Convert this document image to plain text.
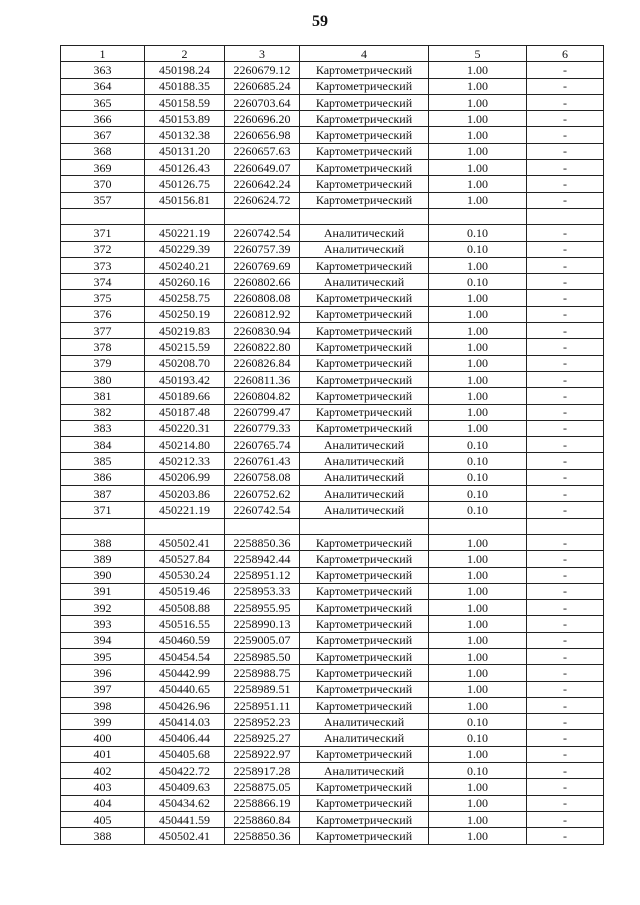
59
1	2	3	4	5	6
363	450198.24	2260679.12	Картометрический	1.00	-
364	450188.35	2260685.24	Картометрический	1.00	-
365	450158.59	2260703.64	Картометрический	1.00	-
366	450153.89	2260696.20	Картометрический	1.00	-
367	450132.38	2260656.98	Картометрический	1.00	-
368	450131.20	2260657.63	Картометрический	1.00	-
369	450126.43	2260649.07	Картометрический	1.00	-
370	450126.75	2260642.24	Картометрический	1.00	-
357	450156.81	2260624.72	Картометрический	1.00	-

371	450221.19	2260742.54	Аналитический	0.10	-
372	450229.39	2260757.39	Аналитический	0.10	-
373	450240.21	2260769.69	Картометрический	1.00	-
374	450260.16	2260802.66	Аналитический	0.10	-
375	450258.75	2260808.08	Картометрический	1.00	-
376	450250.19	2260812.92	Картометрический	1.00	-
377	450219.83	2260830.94	Картометрический	1.00	-
378	450215.59	2260822.80	Картометрический	1.00	-
379	450208.70	2260826.84	Картометрический	1.00	-
380	450193.42	2260811.36	Картометрический	1.00	-
381	450189.66	2260804.82	Картометрический	1.00	-
382	450187.48	2260799.47	Картометрический	1.00	-
383	450220.31	2260779.33	Картометрический	1.00	-
384	450214.80	2260765.74	Аналитический	0.10	-
385	450212.33	2260761.43	Аналитический	0.10	-
386	450206.99	2260758.08	Аналитический	0.10	-
387	450203.86	2260752.62	Аналитический	0.10	-
371	450221.19	2260742.54	Аналитический	0.10	-

388	450502.41	2258850.36	Картометрический	1.00	-
389	450527.84	2258942.44	Картометрический	1.00	-
390	450530.24	2258951.12	Картометрический	1.00	-
391	450519.46	2258953.33	Картометрический	1.00	-
392	450508.88	2258955.95	Картометрический	1.00	-
393	450516.55	2258990.13	Картометрический	1.00	-
394	450460.59	2259005.07	Картометрический	1.00	-
395	450454.54	2258985.50	Картометрический	1.00	-
396	450442.99	2258988.75	Картометрический	1.00	-
397	450440.65	2258989.51	Картометрический	1.00	-
398	450426.96	2258951.11	Картометрический	1.00	-
399	450414.03	2258952.23	Аналитический	0.10	-
400	450406.44	2258925.27	Аналитический	0.10	-
401	450405.68	2258922.97	Картометрический	1.00	-
402	450422.72	2258917.28	Аналитический	0.10	-
403	450409.63	2258875.05	Картометрический	1.00	-
404	450434.62	2258866.19	Картометрический	1.00	-
405	450441.59	2258860.84	Картометрический	1.00	-
388	450502.41	2258850.36	Картометрический	1.00	-
